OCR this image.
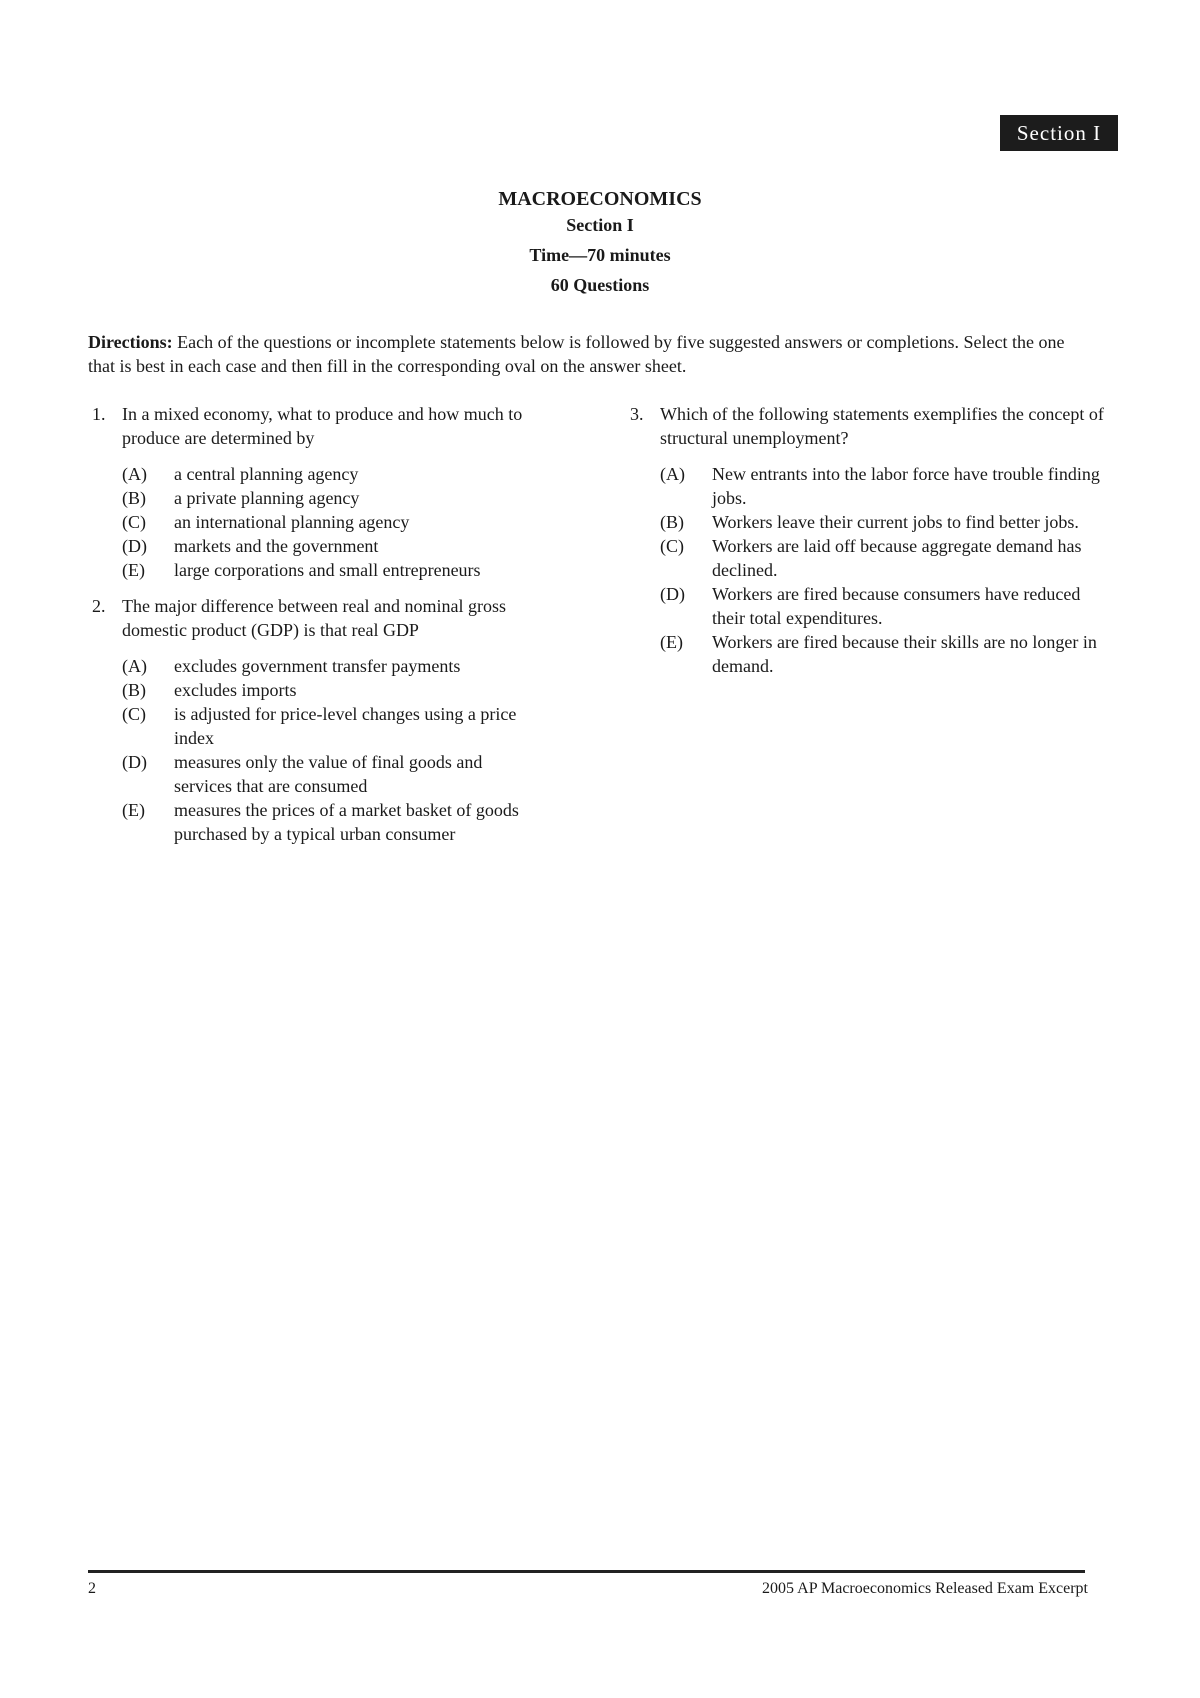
Section I
MACROECONOMICS
Section I
Time—70 minutes
60 Questions
Directions: Each of the questions or incomplete statements below is followed by five suggested answers or completions. Select the one that is best in each case and then fill in the corresponding oval on the answer sheet.
1. In a mixed economy, what to produce and how much to produce are determined by
(A) a central planning agency
(B) a private planning agency
(C) an international planning agency
(D) markets and the government
(E) large corporations and small entrepreneurs
2. The major difference between real and nominal gross domestic product (GDP) is that real GDP
(A) excludes government transfer payments
(B) excludes imports
(C) is adjusted for price-level changes using a price index
(D) measures only the value of final goods and services that are consumed
(E) measures the prices of a market basket of goods purchased by a typical urban consumer
3. Which of the following statements exemplifies the concept of structural unemployment?
(A) New entrants into the labor force have trouble finding jobs.
(B) Workers leave their current jobs to find better jobs.
(C) Workers are laid off because aggregate demand has declined.
(D) Workers are fired because consumers have reduced their total expenditures.
(E) Workers are fired because their skills are no longer in demand.
2	2005 AP Macroeconomics Released Exam Excerpt
